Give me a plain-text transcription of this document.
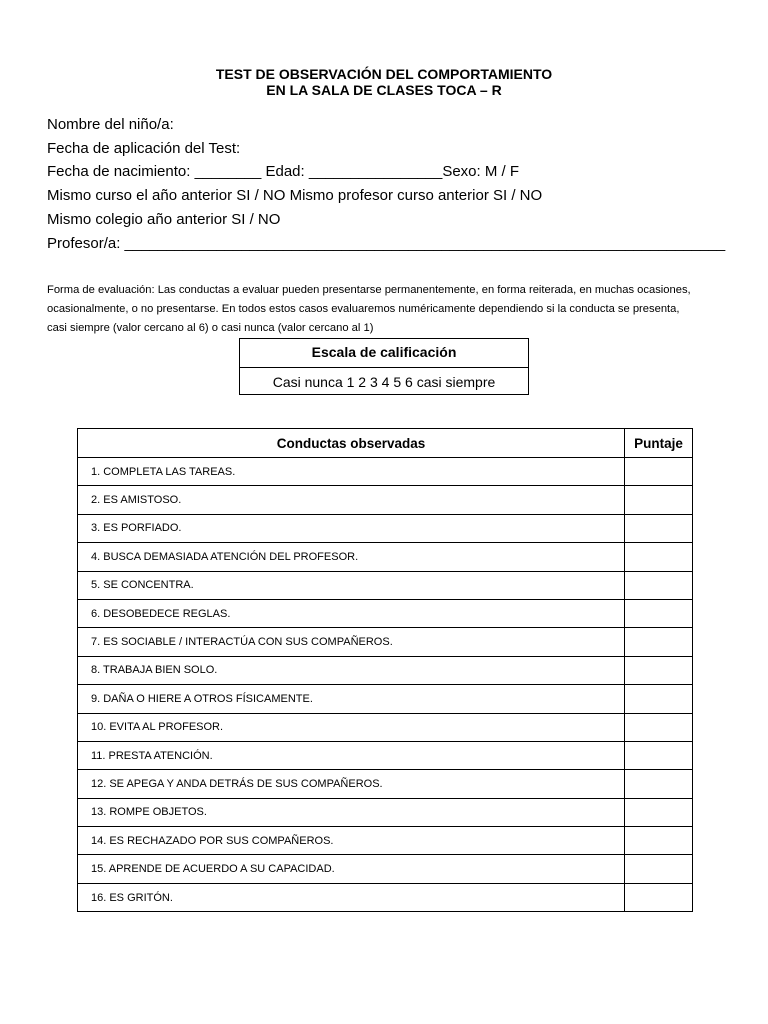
TEST DE OBSERVACIÓN DEL COMPORTAMIENTO
EN LA SALA DE CLASES TOCA – R
Nombre del niño/a:
Fecha de aplicación del Test:
Fecha de nacimiento: ________ Edad: ________________Sexo: M / F
Mismo curso el año anterior SI / NO Mismo profesor curso anterior SI / NO
Mismo colegio año anterior SI / NO
Profesor/a: ________________________________________________________________________
Forma de evaluación: Las conductas a evaluar pueden presentarse permanentemente, en forma reiterada, en muchas ocasiones,
ocasionalmente, o no presentarse. En todos estos casos evaluaremos numéricamente dependiendo si la conducta se presenta,
casi siempre (valor cercano al 6) o casi nunca (valor cercano al 1)
Escala de calificación
Casi nunca 1 2 3 4 5 6 casi siempre
Conductas observadas	Puntaje
1. COMPLETA LAS TAREAS.	
2. ES AMISTOSO.	
3. ES PORFIADO.	
4. BUSCA DEMASIADA ATENCIÓN DEL PROFESOR.	
5. SE CONCENTRA.	
6. DESOBEDECE REGLAS.	
7. ES SOCIABLE / INTERACTÚA CON SUS COMPAÑEROS.	
8. TRABAJA BIEN SOLO.	
9. DAÑA O HIERE A OTROS FÍSICAMENTE.	
10. EVITA AL PROFESOR.	
11. PRESTA ATENCIÓN.	
12. SE APEGA Y ANDA DETRÁS DE SUS COMPAÑEROS.	
13. ROMPE OBJETOS.	
14. ES RECHAZADO POR SUS COMPAÑEROS.	
15. APRENDE DE ACUERDO A SU CAPACIDAD.	
16. ES GRITÓN.	
